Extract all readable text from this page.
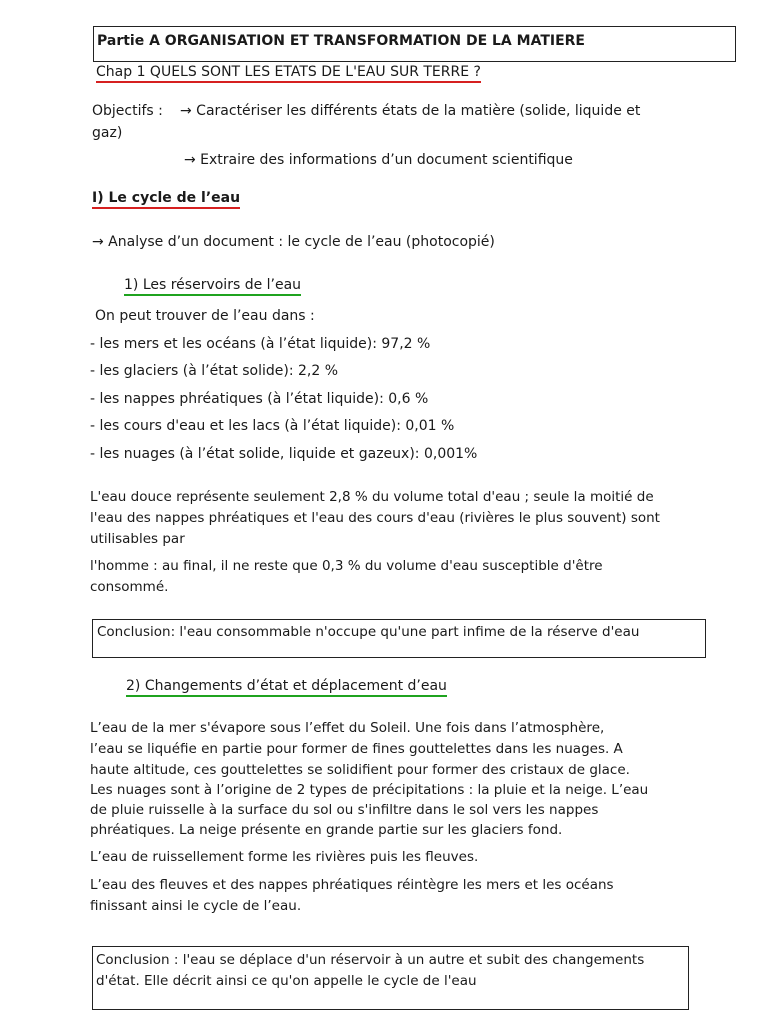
Partie A ORGANISATION ET TRANSFORMATION DE LA MATIERE
Chap 1 QUELS SONT LES ETATS DE L'EAU SUR TERRE ?
Objectifs : → Caractériser les différents états de la matière (solide, liquide et
gaz)
→ Extraire des informations d’un document scientifique
I) Le cycle de l’eau
→ Analyse d’un document : le cycle de l’eau (photocopié)
1) Les réservoirs de l’eau
On peut trouver de l’eau dans :
- les mers et les océans (à l’état liquide): 97,2 %
- les glaciers (à l’état solide): 2,2 %
- les nappes phréatiques (à l’état liquide): 0,6 %
- les cours d'eau et les lacs (à l’état liquide): 0,01 %
- les nuages (à l’état solide, liquide et gazeux): 0,001%
L'eau douce représente seulement 2,8 % du volume total d'eau ; seule la moitié de
l'eau des nappes phréatiques et l'eau des cours d'eau (rivières le plus souvent) sont
utilisables par
l'homme : au final, il ne reste que 0,3 % du volume d'eau susceptible d'être
consommé.
Conclusion: l'eau consommable n'occupe qu'une part infime de la réserve d'eau
2) Changements d’état et déplacement d’eau
L’eau de la mer s'évapore sous l’effet du Soleil. Une fois dans l’atmosphère,
l’eau se liquéfie en partie pour former de fines gouttelettes dans les nuages. A
haute altitude, ces gouttelettes se solidifient pour former des cristaux de glace.
Les nuages sont à l’origine de 2 types de précipitations : la pluie et la neige. L’eau
de pluie ruisselle à la surface du sol ou s'infiltre dans le sol vers les nappes
phréatiques. La neige présente en grande partie sur les glaciers fond.
L’eau de ruissellement forme les rivières puis les fleuves.
L’eau des fleuves et des nappes phréatiques réintègre les mers et les océans
finissant ainsi le cycle de l’eau.
Conclusion : l'eau se déplace d'un réservoir à un autre et subit des changements
d'état. Elle décrit ainsi ce qu'on appelle le cycle de l'eau
